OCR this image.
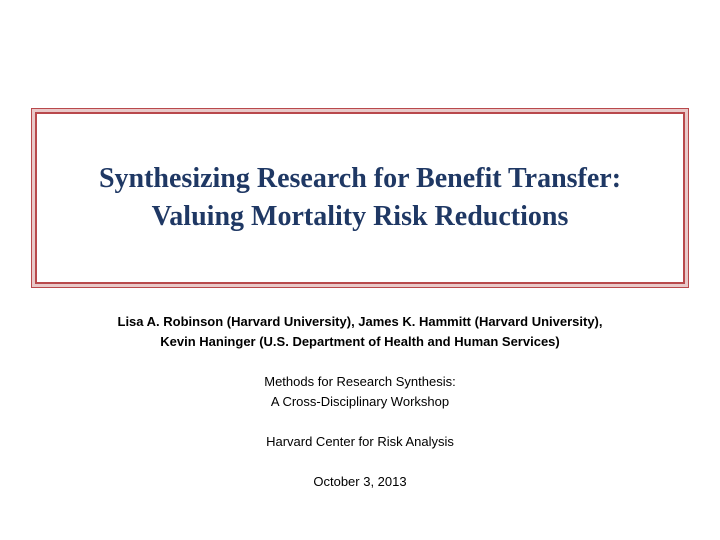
Synthesizing Research for Benefit Transfer:
Valuing Mortality Risk Reductions
Lisa A. Robinson (Harvard University), James K. Hammitt (Harvard University),
Kevin Haninger (U.S. Department of Health and Human Services)
Methods for Research Synthesis:
A Cross-Disciplinary Workshop
Harvard Center for Risk Analysis
October 3, 2013
